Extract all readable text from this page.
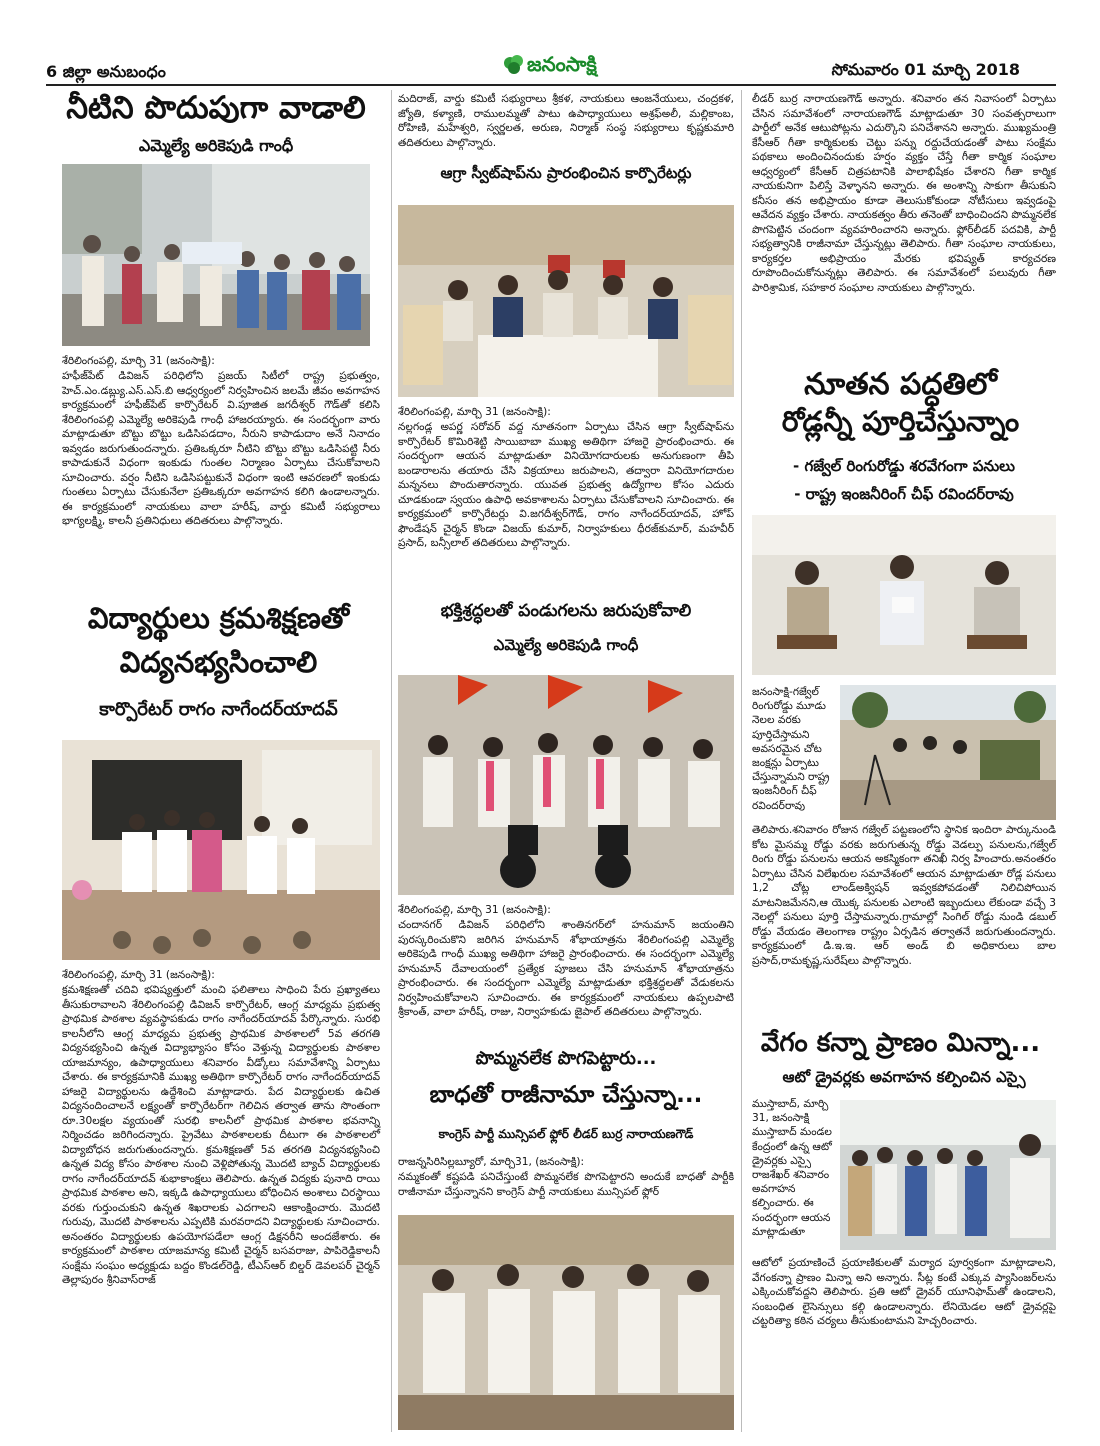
6 జిల్లా అనుబంధం	జనంసాక్షి	సోమవారం 01 మార్చి 2018
నీటిని పొదుపుగా వాడాలి
ఎమ్మెల్యే అరికెపుడి గాంధీ
శేరిలింగంపల్లి, మార్చి 31 (జనంసాక్షి):
హఫీజ్‌పేట్ డివిజన్ పరిధిలోని ప్రజయ్ సిటీలో రాష్ట్ర ప్రభుత్వం, హెచ్.ఎం.డబ్ల్యు.ఎస్.ఎస్.బి ఆధ్వర్యంలో నిర్వహించిన జలమే జీవం అవగాహన కార్యక్రమంలో హఫీజ్‌పేట్ కార్పొరేటర్ వి.పూజిత జగదీశ్వర్ గౌడ్‌తో కలిసి శేరిలింగంపల్లి ఎమ్మెల్యే అరికెపుడి గాంధీ హాజరయ్యారు. ఈ సందర్భంగా వారు మాట్లాడుతూ బొట్టు బొట్టు ఒడిసిపడదాం, నీరుని కాపాడుదాం అనే నినాదం ఇవ్వడం జరుగుతుందన్నారు. ప్రతిఒక్కరూ నీటిని బొట్టు బొట్టు ఒడిసిపట్టి నీరు కాపాడుకునే విధంగా ఇంకుడు గుంతల నిర్మాణం ఏర్పాటు చేసుకోవాలని సూచించారు. వర్షం నీటిని ఒడిసిపట్టుకునే విధంగా ఇంటి ఆవరణలో ఇంకుడు గుంతలు ఏర్పాటు చేసుకునేలా ప్రతిఒక్కరూ అవగాహన కలిగి ఉండాలన్నారు. ఈ కార్యక్రమంలో నాయకులు వాలా హరీష్, వార్డు కమిటీ సభ్యురాలు భాగ్యలక్ష్మి, కాలనీ ప్రతినిధులు తదితరులు పాల్గొన్నారు.
విద్యార్థులు క్రమశిక్షణతో
విద్యనభ్యసించాలి
కార్పొరేటర్ రాగం నాగేందర్‌యాదవ్
శేరిలింగంపల్లి, మార్చి 31 (జనంసాక్షి):
క్రమశిక్షణతో చదివి భవిష్యత్తులో మంచి ఫలితాలు సాధించి పేరు ప్రఖ్యాతలు తీసుకురావాలని శేరిలింగంపల్లి డివిజన్ కార్పొరేటర్, ఆంగ్ల మాధ్యమ ప్రభుత్వ ప్రాథమిక పాఠశాల వ్యవస్థాపకుడు రాగం నాగేందర్‌యాదవ్ పేర్కొన్నారు. సురభి కాలనీలోని ఆంగ్ల మాధ్యమ ప్రభుత్వ ప్రాథమిక పాఠశాలలో 5వ తరగతి విద్యనభ్యసించి ఉన్నత విద్యాభ్యాసం కోసం వెళ్తున్న విద్యార్థులకు పాఠశాల యాజమాన్యం, ఉపాధ్యాయులు శనివారం వీడ్కోలు సమావేశాన్ని ఏర్పాటు చేశారు. ఈ కార్యక్రమానికి ముఖ్య అతిథిగా కార్పొరేటర్ రాగం నాగేందర్‌యాదవ్ హాజరై విద్యార్థులను ఉద్దేశించి మాట్లాడారు. పేద విద్యార్థులకు ఉచిత విద్యనందించాలనే లక్ష్యంతో కార్పొరేటర్‌గా గెలిచిన తర్వాత తాను సొంతంగా రూ.30లక్షల వ్యయంతో సురభి కాలనీలో ప్రాథమిక పాఠశాల భవనాన్ని నిర్మించడం జరిగిందన్నారు. ప్రైవేటు పాఠశాలలకు దీటుగా ఈ పాఠశాలలో విద్యాబోధన జరుగుతుందన్నారు. క్రమశిక్షణతో 5వ తరగతి విద్యనభ్యసించి ఉన్నత విద్య కోసం పాఠశాల నుంచి వెళ్లిపోతున్న మొదటి బ్యాచ్ విద్యార్థులకు రాగం నాగేందర్‌యాదవ్ శుభాకాంక్షలు తెలిపారు. ఉన్నత విద్యకు పునాది రాయి ప్రాథమిక పాఠశాల అని, ఇక్కడి ఉపాధ్యాయులు బోధించిన అంశాలు చిరస్థాయి వరకు గుర్తుంచుకుని ఉన్నత శిఖరాలకు ఎదగాలని ఆకాంక్షించారు. మొదటి గురువు, మొదటి పాఠశాలను ఎప్పటికి మరవరాదని విద్యార్థులకు సూచించారు. అనంతరం విద్యార్థులకు ఉపయోగపడేలా ఆంగ్ల డిక్షనరీని అందజేశారు. ఈ కార్యక్రమంలో పాఠశాల యాజమాన్య కమిటీ చైర్మన్ బసవరాజు, పాపిరెడ్డికాలనీ సంక్షేమ సంఘం అధ్యక్షుడు బద్దం కొండల్‌రెడ్డి, టీఎస్ఆర్ బిల్డర్ డెవలపర్ చైర్మన్ తెల్లాపురం శ్రీనివాస్‌రాజ్
మదిరాజ్, వార్డు కమిటీ సభ్యురాలు శ్రీకళ, నాయకులు ఆంజనేయులు, చంద్రకళ, జ్యోతి, కళ్యాణి, రాములమ్మతో పాటు ఉపాధ్యాయులు అశ్రఫ్‌అలీ, మల్లికాంబ, రోహిణి, మహేశ్వరి, స్వర్ణలత, అరుణ, నిర్మాణ్ సంస్థ సభ్యురాలు కృష్ణకుమారి తదితరులు పాల్గొన్నారు.
ఆగ్రా స్వీట్‌షాప్‌ను ప్రారంభించిన కార్పొరేటర్లు
శేరిలింగంపల్లి, మార్చి 31 (జనంసాక్షి):
నల్లగండ్ల అపర్ణ సరోవర్ వద్ద నూతనంగా ఏర్పాటు చేసిన ఆగ్రా స్వీట్‌షాప్‌ను కార్పొరేటర్ కొమిరిశెట్టి సాయిబాబా ముఖ్య అతిథిగా హాజరై ప్రారంభించారు. ఈ సందర్భంగా ఆయన మాట్లాడుతూ వినియోగదారులకు అనుగుణంగా తీపి బండారాలను తయారు చేసి విక్రయాలు జరుపాలని, తద్వారా వినియోగదారుల మన్ననలు పొందుతారన్నారు. యువత ప్రభుత్వ ఉద్యోగాల కోసం ఎదురు చూడకుండా స్వయం ఉపాధి అవకాశాలను ఏర్పాటు చేసుకోవాలని సూచించారు. ఈ కార్యక్రమంలో కార్పొరేటర్లు వి.జగదీశ్వర్‌గౌడ్, రాగం నాగేందర్‌యాదవ్, హోప్ ఫౌండేషన్ చైర్మన్ కొండా విజయ్ కుమార్, నిర్వాహకులు ధీరజ్‌కుమార్, మహవీర్ ప్రసాద్, బన్సీలాల్ తదితరులు పాల్గొన్నారు.
భక్తిశ్రద్ధలతో పండుగలను జరుపుకోవాలి
ఎమ్మెల్యే అరికెపుడి గాంధీ
శేరిలింగంపల్లి, మార్చి 31 (జనంసాక్షి):
చందానగర్ డివిజన్ పరిధిలోని శాంతినగర్‌లో హనుమాన్ జయంతిని పురస్కరించుకొని జరిగిన హనుమాన్ శోభాయాత్రను శేరిలింగంపల్లి ఎమ్మెల్యే అరికెపుడి గాంధీ ముఖ్య అతిథిగా హాజరై ప్రారంభించారు. ఈ సందర్భంగా ఎమ్మెల్యే హనుమాన్ దేవాలయంలో ప్రత్యేక పూజలు చేసి హనుమాన్ శోభాయాత్రను ప్రారంభించారు. ఈ సందర్భంగా ఎమ్మెల్యే మాట్లాడుతూ భక్తిశ్రద్ధలతో వేడుకలను నిర్వహించుకోవాలని సూచించారు. ఈ కార్యక్రమంలో నాయకులు ఉప్పలపాటి శ్రీకాంత్, వాలా హరీష్, రాజు, నిర్వాహకుడు జైపాల్ తదితరులు పాల్గొన్నారు.
పొమ్మనలేక పొగపెట్టారు...
బాధతో రాజీనామా చేస్తున్నా...
కాంగ్రెస్ పార్టీ మున్సిపల్ ఫ్లోర్ లీడర్ బుర్ర నారాయణగౌడ్
రాజన్నసిరిసిల్లబ్యూరో, మార్చి31, (జనంసాక్షి):
నమ్మకంతో కష్టపడి పనిచేస్తుంటే పొమ్మనలేక పొగపెట్టారని అందుకే బాధతో పార్టీకి రాజీనామా చేస్తున్నానని కాంగ్రెస్ పార్టీ నాయకులు మున్సిపల్ ఫ్లోర్
లీడర్ బుర్ర నారాయణగౌడ్ అన్నారు. శనివారం తన నివాసంలో ఏర్పాటు చేసిన సమావేశంలో నారాయణగౌడ్ మాట్లాడుతూ 30 సంవత్సరాలుగా పార్టీలో అనేక ఆటుపోట్లను ఎదుర్కొని పనిచేశానని అన్నారు. ముఖ్యమంత్రి కేసీఆర్ గీతా కార్మికులకు చెట్టు పన్ను రద్దుచేయడంతో పాటు సంక్షేమ పథకాలు అందించినందుకు హర్షం వ్యక్తం చేస్తే గీతా కార్మిక సంఘాల ఆధ్వర్యంలో కేసీఆర్ చిత్రపటానికి పాలాభిషేకం చేశారని గీతా కార్మిక నాయకునిగా పిలిస్తే వెళ్ళానని అన్నారు. ఈ అంశాన్ని సాకుగా తీసుకుని కనీసం తన అభిప్రాయం కూడా తెలుసుకోకుండా నోటీసులు ఇవ్వడంపై ఆవేదన వ్యక్తం చేశారు. నాయకత్వం తీరు తనెంతో బాధించిందని పొమ్మనలేక పొగపెట్టిన చందంగా వ్యవహరించారని అన్నారు. ఫ్లోర్‌లీడర్ పదవికి, పార్టీ సభ్యత్వానికి రాజీనామా చేస్తున్నట్లు తెలిపారు. గీతా సంఘాల నాయకులు, కార్యకర్తల అభిప్రాయం మేరకు భవిష్యత్ కార్యచరణ రూపొందించుకోనున్నట్లు తెలిపారు. ఈ సమావేశంలో పలువురు గీతా పారిశ్రామిక, సహకార సంఘాల నాయకులు పాల్గొన్నారు.
నూతన పద్ధతిలో
రోడ్లన్నీ పూర్తిచేస్తున్నాం
- గజ్వేల్ రింగురోడ్డు శరవేగంగా పనులు
- రాష్ట్ర ఇంజనీరింగ్ చీఫ్ రవిందర్‌రావు
జనంసాక్షి-గజ్వేల్ రింగురోడ్డు మూడు నెలల వరకు పూర్తిచేస్తామని అవసరమైన చోట జంక్షన్లు ఏర్పాటు చేస్తున్నామని రాష్ట్ర ఇంజనీరింగ్ చీఫ్ రవిందర్‌రావు
తెలిపారు.శనివారం రోజున గజ్వేల్ పట్టణంలోని స్థానిక ఇందిరా పార్కునుండి కోట మైసమ్మ రోడ్డు వరకు జరుగుతున్న రోడ్డు వెడల్పు పనులను,గజ్వేల్ రింగు రోడ్డు పనులను ఆయన అకస్మికంగా తనిఖీ నిర్వ హించారు.అనంతరం ఏర్పాటు చేసిన విలేఖరుల సమావేశంలో ఆయన మాట్లాడుతూ రోడ్ల పనులు 1,2 చోట్ల లాండ్‌అక్విషన్ ఇవ్వకపోవడంతో నిలిచిపోయిన మాటనిజమేనని,ఆ యొక్క పనులకు ఎలాంటి ఇబ్బందులు లేకుండా వచ్చే 3 నెలల్లో పనులు పూర్తి చేస్తామన్నారు.గ్రామాల్లో సింగిల్ రోడ్డు నుండి డబుల్ రోడ్డు వేయడం తెలంగాణ రాష్ట్రం ఏర్పడిన తర్వాతనే జరుగుతుందన్నారు. కార్యక్రమంలో డి.ఇ.ఇ. ఆర్ అండ్ బి అధికారులు బాల ప్రసాద్,రామకృష్ణ,సురేష్‌లు పాల్గొన్నారు.
వేగం కన్నా ప్రాణం మిన్నా...
ఆటో డ్రైవర్లకు అవగాహన కల్పించిన ఎస్సై
ముస్తాబాద్, మార్చి 31, జనంసాక్షి ముస్తాబాద్ మండల కేంద్రంలో ఉన్న ఆటో డ్రైవర్లకు ఎస్సై రాజశేఖర్ శనివారం అవగాహన కల్పించారు. ఈ సందర్భంగా ఆయన మాట్లాడుతూ
ఆటోలో ప్రయాణించే ప్రయాణికులతో మర్యాద పూర్వకంగా మాట్లాడాలని, వేగంకన్నా ప్రాణం మిన్నా అని అన్నారు. సీట్ల కంటే ఎక్కువ ప్యాసింజర్‌లను ఎక్కించుకోవద్దని తెలిపారు. ప్రతి ఆటో డ్రైవర్ యూనిఫామ్‌తో ఉండాలని, సంబంధిత లైసెన్సులు కల్గి ఉండాలన్నారు. లేనియెడల ఆటో డ్రైవర్లపై చట్టరిత్యా కఠిన చర్యలు తీసుకుంటామని హెచ్చరించారు.
